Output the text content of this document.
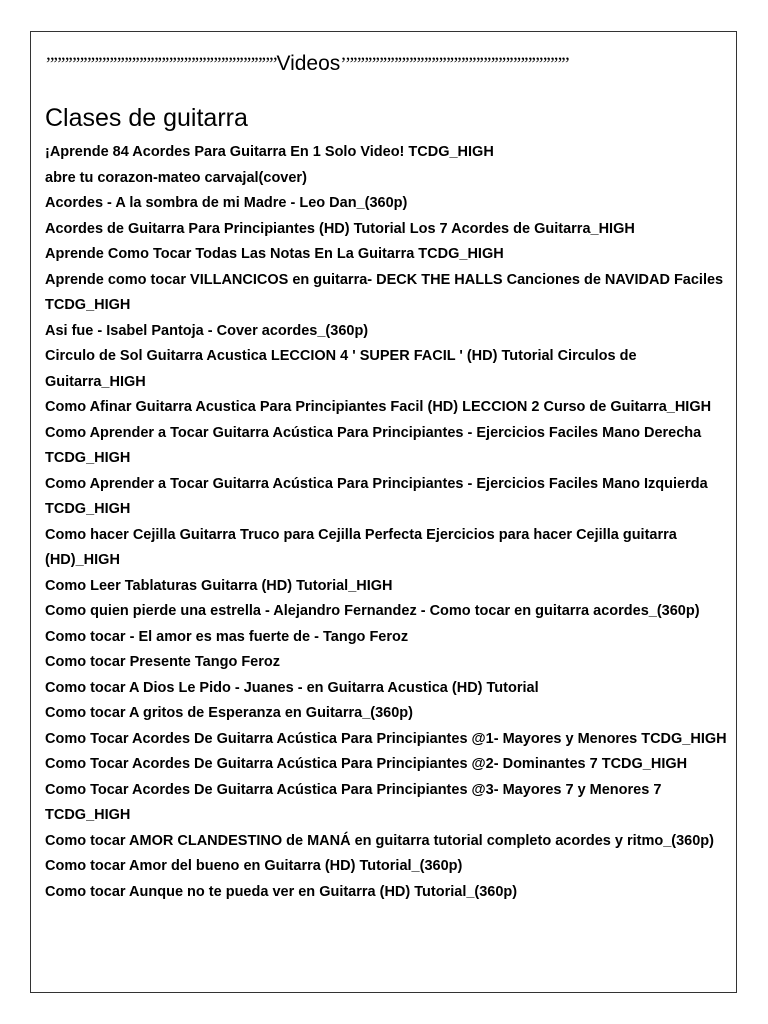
”””””””””””””””””””””””””””””””Videos’””””””””””””””””””””””””””””””
Clases de guitarra
¡Aprende 84 Acordes Para Guitarra En 1 Solo Video! TCDG_HIGH
abre tu corazon-mateo carvajal(cover)
Acordes - A la sombra de mi Madre - Leo Dan_(360p)
Acordes de Guitarra Para Principiantes (HD) Tutorial Los 7 Acordes de Guitarra_HIGH
Aprende Como Tocar Todas Las Notas En La Guitarra TCDG_HIGH
Aprende como tocar VILLANCICOS en guitarra- DECK THE HALLS Canciones de NAVIDAD Faciles TCDG_HIGH
Asi fue - Isabel Pantoja - Cover acordes_(360p)
Circulo de Sol Guitarra Acustica LECCION 4 ' SUPER FACIL ' (HD) Tutorial Circulos de Guitarra_HIGH
Como Afinar Guitarra Acustica Para Principiantes Facil (HD) LECCION 2 Curso de Guitarra_HIGH
Como Aprender a Tocar Guitarra Acústica Para Principiantes - Ejercicios Faciles Mano Derecha TCDG_HIGH
Como Aprender a Tocar Guitarra Acústica Para Principiantes - Ejercicios Faciles Mano Izquierda TCDG_HIGH
Como hacer Cejilla Guitarra Truco para Cejilla Perfecta Ejercicios para hacer Cejilla guitarra (HD)_HIGH
Como Leer Tablaturas Guitarra (HD) Tutorial_HIGH
Como quien pierde una estrella - Alejandro Fernandez - Como tocar en guitarra acordes_(360p)
Como tocar - El amor es mas fuerte de - Tango Feroz
Como tocar Presente Tango Feroz
Como tocar A Dios Le Pido - Juanes - en Guitarra Acustica (HD) Tutorial
Como tocar A gritos de Esperanza en Guitarra_(360p)
Como Tocar Acordes De Guitarra Acústica Para Principiantes @1- Mayores y Menores TCDG_HIGH
Como Tocar Acordes De Guitarra Acústica Para Principiantes @2- Dominantes 7 TCDG_HIGH
Como Tocar Acordes De Guitarra Acústica Para Principiantes @3- Mayores 7 y Menores 7 TCDG_HIGH
Como tocar AMOR CLANDESTINO de MANÁ en guitarra tutorial completo acordes y ritmo_(360p)
Como tocar Amor del bueno en Guitarra (HD) Tutorial_(360p)
Como tocar Aunque no te pueda ver en Guitarra (HD) Tutorial_(360p)
